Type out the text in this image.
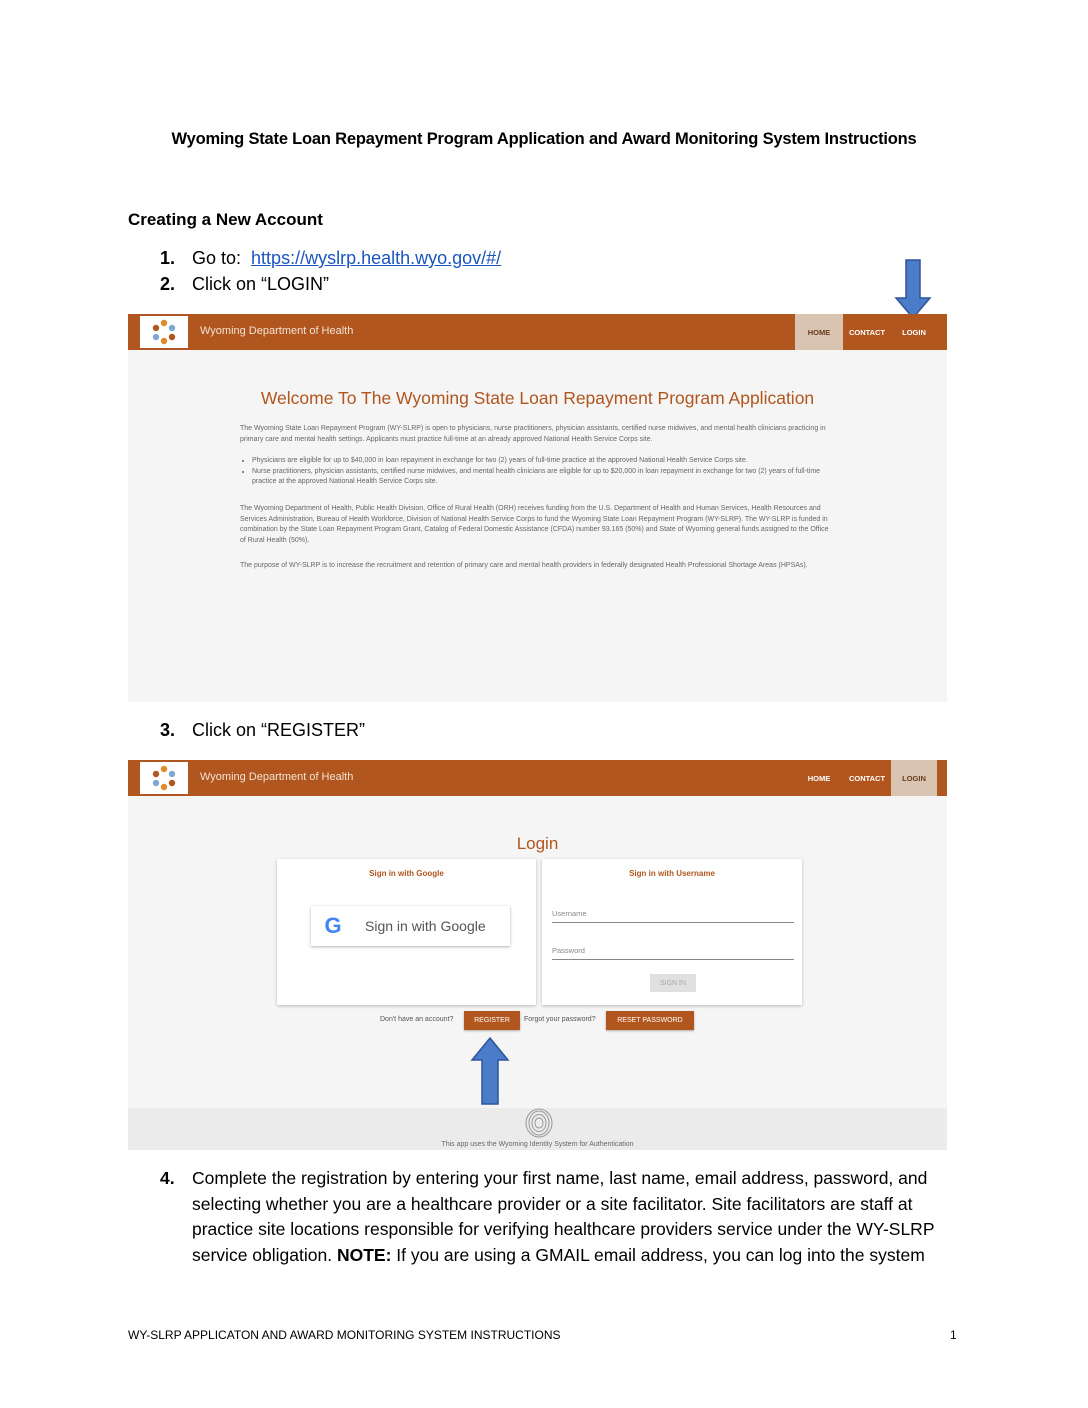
Wyoming State Loan Repayment Program Application and Award Monitoring System Instructions
Creating a New Account
1. Go to:
https://wyslrp.health.wyo.gov/#/
2. Click on “LOGIN”
Wyoming Department of Health	HOME	CONTACT	LOGIN
Welcome To The Wyoming State Loan Repayment Program Application
The Wyoming State Loan Repayment Program (WY-SLRP) is open to physicians, nurse practitioners, physician assistants, certified nurse midwives, and mental health clinicians practicing in primary care and mental health settings. Applicants must practice full-time at an already approved National Health Service Corps site.
• Physicians are eligible for up to $40,000 in loan repayment in exchange for two (2) years of full-time practice at the approved National Health Service Corps site.
• Nurse practitioners, physician assistants, certified nurse midwives, and mental health clinicians are eligible for up to $20,000 in loan repayment in exchange for two (2) years of full-time practice at the approved National Health Service Corps site.
The Wyoming Department of Health, Public Health Division, Office of Rural Health (ORH) receives funding from the U.S. Department of Health and Human Services, Health Resources and Services Administration, Bureau of Health Workforce, Division of National Health Service Corps to fund the Wyoming State Loan Repayment Program (WY-SLRP). The WY-SLRP is funded in combination by the State Loan Repayment Program Grant, Catalog of Federal Domestic Assistance (CFDA) number 93.165 (50%) and State of Wyoming general funds assigned to the Office of Rural Health (50%).
The purpose of WY-SLRP is to increase the recruitment and retention of primary care and mental health providers in federally designated Health Professional Shortage Areas (HPSAs).
3. Click on “REGISTER”
Wyoming Department of Health	HOME	CONTACT	LOGIN
Login
Sign in with Google
G	Sign in with Google
Sign in with Username
Username
Password
SIGN IN
Don't have an account?	REGISTER	Forgot your password?	RESET PASSWORD
This app uses the Wyoming Identity System for Authentication
4. Complete the registration by entering your first name, last name, email address, password, and selecting whether you are a healthcare provider or a site facilitator. Site facilitators are staff at practice site locations responsible for verifying healthcare providers service under the WY-SLRP service obligation. NOTE: If you are using a GMAIL email address, you can log into the system
WY-SLRP APPLICATON AND AWARD MONITORING SYSTEM INSTRUCTIONS	1
